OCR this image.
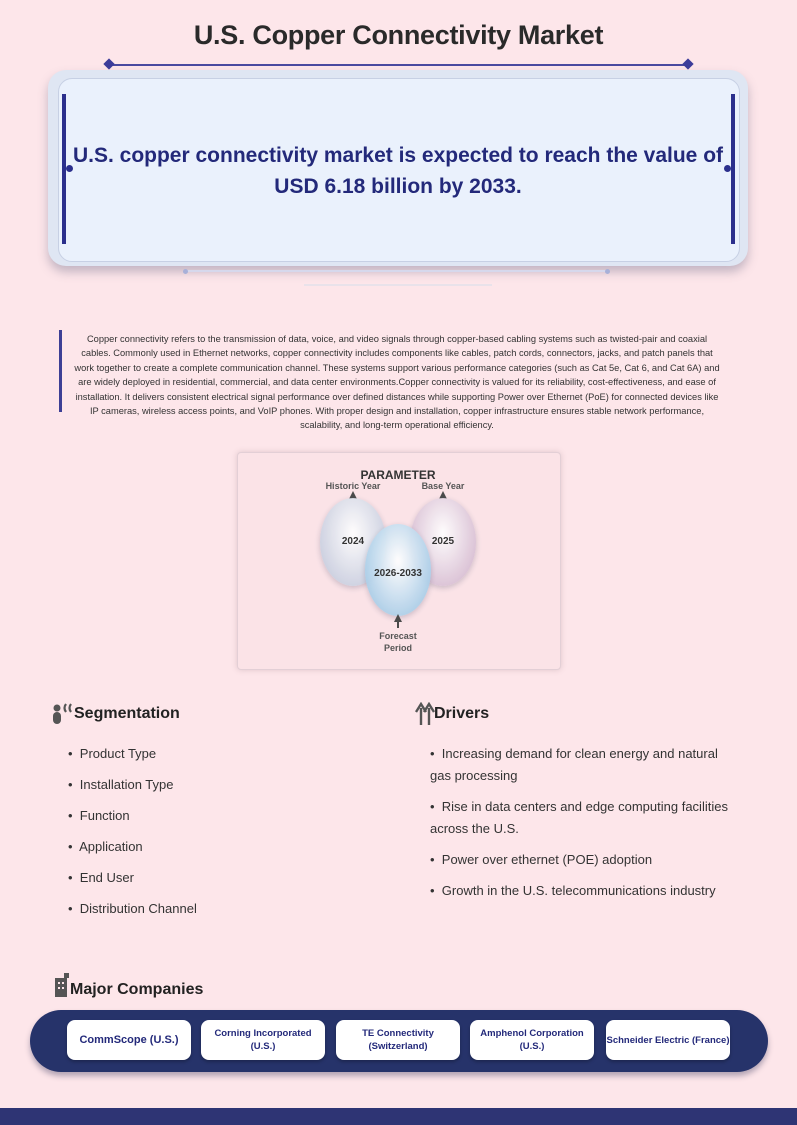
U.S. Copper Connectivity Market
U.S. copper connectivity market is expected to reach the value of USD 6.18 billion by 2033.
Copper connectivity refers to the transmission of data, voice, and video signals through copper-based cabling systems such as twisted-pair and coaxial cables. Commonly used in Ethernet networks, copper connectivity includes components like cables, patch cords, connectors, jacks, and patch panels that work together to create a complete communication channel. These systems support various performance categories (such as Cat 5e, Cat 6, and Cat 6A) and are widely deployed in residential, commercial, and data center environments.Copper connectivity is valued for its reliability, cost-effectiveness, and ease of installation. It delivers consistent electrical signal performance over defined distances while supporting Power over Ethernet (PoE) for connected devices like IP cameras, wireless access points, and VoIP phones. With proper design and installation, copper infrastructure ensures stable network performance, scalability, and long-term operational efficiency.
PARAMETER
Historic Year	Base Year
2024	2025
2026-2033
Forecast
Period
Segmentation
•  Product Type
•  Installation Type
•  Function
•  Application
•  End User
•  Distribution Channel
Drivers
•  Increasing demand for clean energy and natural gas processing
•  Rise in data centers and edge computing facilities across the U.S.
•  Power over ethernet (POE) adoption
•  Growth in the U.S. telecommunications industry
Major Companies
CommScope (U.S.)	Corning Incorporated (U.S.)
TE Connectivity (Switzerland)
Amphenol Corporation (U.S.)
Schneider Electric (France)
